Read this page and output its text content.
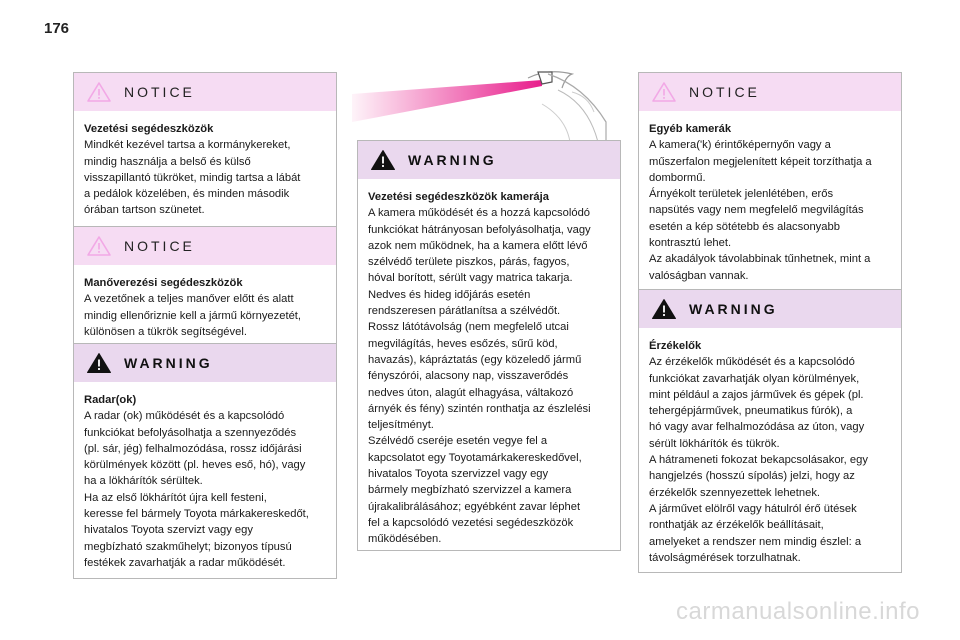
176
NOTICE
Vezetési segédeszközök
Mindkét kezével tartsa a kormánykereket,
mindig használja a belső és külső
visszapillantó tükröket, mindig tartsa a lábát
a pedálok közelében, és minden második
órában tartson szünetet.
NOTICE
Manőverezési segédeszközök
A vezetőnek a teljes manőver előtt és alatt
mindig ellenőriznie kell a jármű környezetét,
különösen a tükrök segítségével.
WARNING
Radar(ok)
A radar (ok) működését és a kapcsolódó
funkciókat befolyásolhatja a szennyeződés
(pl. sár, jég) felhalmozódása, rossz időjárási
körülmények között (pl. heves eső, hó), vagy
ha a lökhárítók sérültek.
Ha az első lökhárítót újra kell festeni,
keresse fel bármely Toyota márkakereskedőt,
hivatalos Toyota szervizt vagy egy
megbízható szakműhelyt; bizonyos típusú
festékek zavarhatják a radar működését.
WARNING
Vezetési segédeszközök kamerája
A kamera működését és a hozzá kapcsolódó
funkciókat hátrányosan befolyásolhatja, vagy
azok nem működnek, ha a kamera előtt lévő
szélvédő területe piszkos, párás, fagyos,
hóval borított, sérült vagy matrica takarja.
Nedves és hideg időjárás esetén
rendszeresen párátlanítsa a szélvédőt.
Rossz látótávolság (nem megfelelő utcai
megvilágítás, heves esőzés, sűrű köd,
havazás), kápráztatás (egy közeledő jármű
fényszórói, alacsony nap, visszaverődés
nedves úton, alagút elhagyása, váltakozó
árnyék és fény) szintén ronthatja az észlelési
teljesítményt.
Szélvédő cseréje esetén vegye fel a
kapcsolatot egy Toyotamárkakereskedővel,
hivatalos Toyota szervizzel vagy egy
bármely megbízható szervizzel a kamera
újrakalibrálásához; egyébként zavar léphet
fel a kapcsolódó vezetési segédeszközök
működésében.
NOTICE
Egyéb kamerák
A kamera('k) érintőképernyőn vagy a
műszerfalon megjelenített képeit torzíthatja a
dombormű.
Árnyékolt területek jelenlétében, erős
napsütés vagy nem megfelelő megvilágítás
esetén a kép sötétebb és alacsonyabb
kontrasztú lehet.
Az akadályok távolabbinak tűnhetnek, mint a
valóságban vannak.
WARNING
Érzékelők
Az érzékelők működését és a kapcsolódó
funkciókat zavarhatják olyan körülmények,
mint például a zajos járművek és gépek (pl.
tehergépjárművek, pneumatikus fúrók), a
hó vagy avar felhalmozódása az úton, vagy
sérült lökhárítók és tükrök.
A hátrameneti fokozat bekapcsolásakor, egy
hangjelzés (hosszú sípolás) jelzi, hogy az
érzékelők szennyezettek lehetnek.
A járművet elölről vagy hátulról érő ütések
ronthatják az érzékelők beállításait,
amelyeket a rendszer nem mindig észlel: a
távolságmérések torzulhatnak.
carmanualsonline.info
